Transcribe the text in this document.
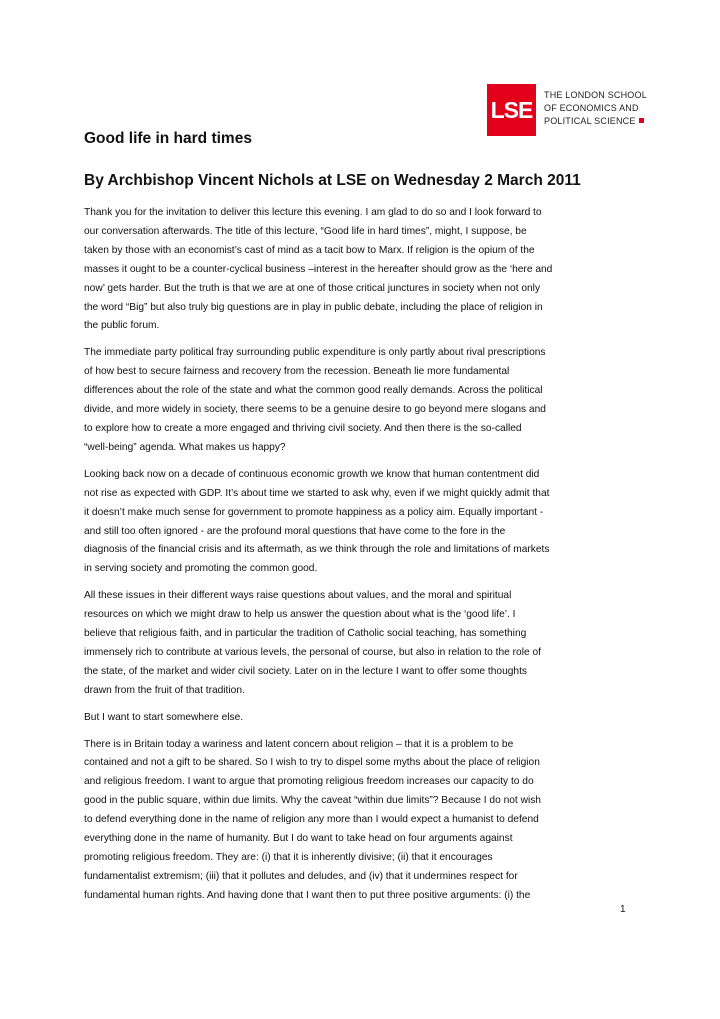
LSE
THE LONDON SCHOOL
OF ECONOMICS AND
POLITICAL SCIENCE
Good life in hard times
By Archbishop Vincent Nichols at LSE on Wednesday 2 March 2011

Thank you for the invitation to deliver this lecture this evening. I am glad to do so and I look forward to
our conversation afterwards. The title of this lecture, “Good life in hard times”, might, I suppose, be
taken by those with an economist’s cast of mind as a tacit bow to Marx. If religion is the opium of the
masses it ought to be a counter-cyclical business –interest in the hereafter should grow as the ‘here and
now’ gets harder. But the truth is that we are at one of those critical junctures in society when not only
the word “Big” but also truly big questions are in play in public debate, including the place of religion in
the public forum.

The immediate party political fray surrounding public expenditure is only partly about rival prescriptions
of how best to secure fairness and recovery from the recession. Beneath lie more fundamental
differences about the role of the state and what the common good really demands. Across the political
divide, and more widely in society, there seems to be a genuine desire to go beyond mere slogans and
to explore how to create a more engaged and thriving civil society. And then there is the so-called
“well-being” agenda. What makes us happy?

Looking back now on a decade of continuous economic growth we know that human contentment did
not rise as expected with GDP. It’s about time we started to ask why, even if we might quickly admit that
it doesn’t make much sense for government to promote happiness as a policy aim. Equally important -
and still too often ignored - are the profound moral questions that have come to the fore in the
diagnosis of the financial crisis and its aftermath, as we think through the role and limitations of markets
in serving society and promoting the common good.

All these issues in their different ways raise questions about values, and the moral and spiritual
resources on which we might draw to help us answer the question about what is the ‘good life’. I
believe that religious faith, and in particular the tradition of Catholic social teaching, has something
immensely rich to contribute at various levels, the personal of course, but also in relation to the role of
the state, of the market and wider civil society. Later on in the lecture I want to offer some thoughts
drawn from the fruit of that tradition.

But I want to start somewhere else.

There is in Britain today a wariness and latent concern about religion – that it is a problem to be
contained and not a gift to be shared. So I wish to try to dispel some myths about the place of religion
and religious freedom. I want to argue that promoting religious freedom increases our capacity to do
good in the public square, within due limits. Why the caveat “within due limits”? Because I do not wish
to defend everything done in the name of religion any more than I would expect a humanist to defend
everything done in the name of humanity. But I do want to take head on four arguments against
promoting religious freedom. They are: (i) that it is inherently divisive; (ii) that it encourages
fundamentalist extremism; (iii) that it pollutes and deludes, and (iv) that it undermines respect for
fundamental human rights. And having done that I want then to put three positive arguments: (i) the

1
